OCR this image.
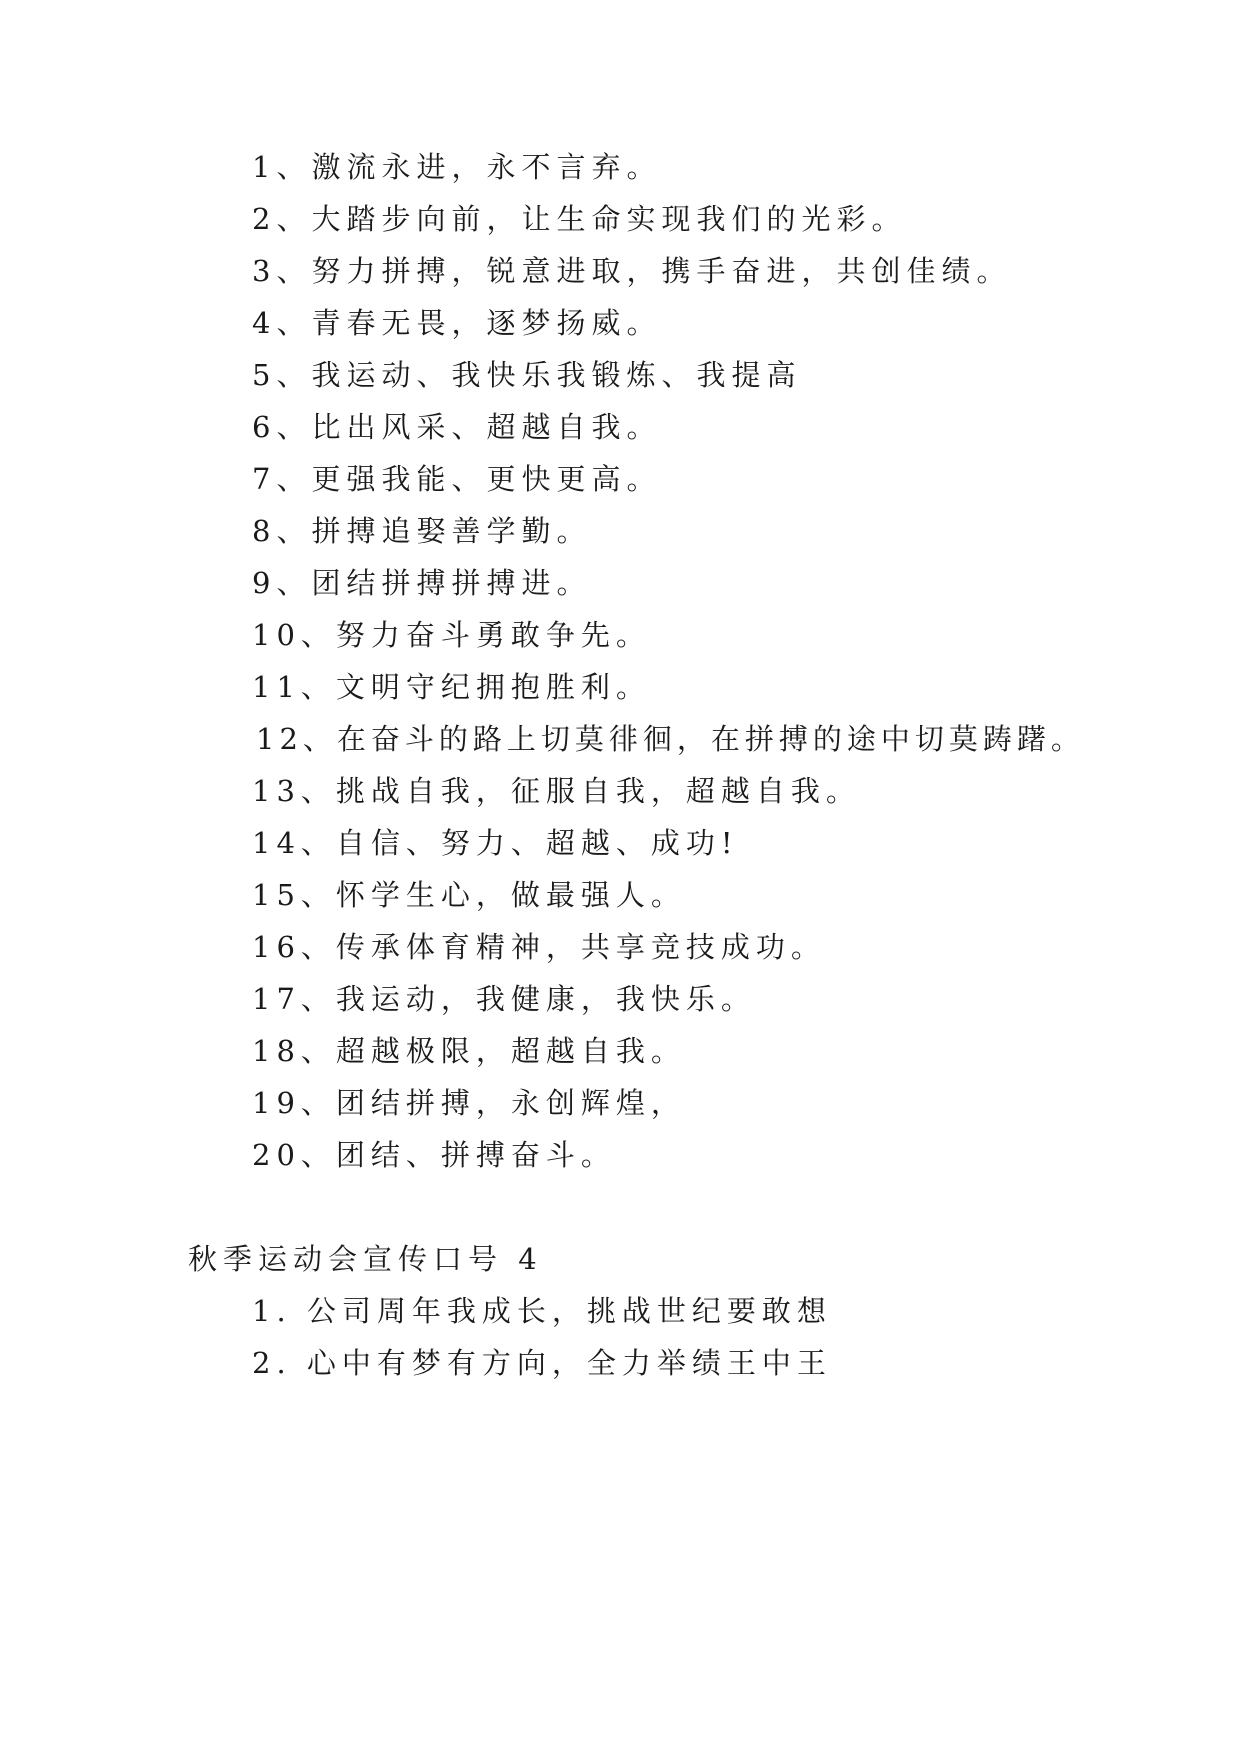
1、激流永进，永不言弃。
2、大踏步向前，让生命实现我们的光彩。
3、努力拼搏，锐意进取，携手奋进，共创佳绩。
4、青春无畏，逐梦扬威。
5、我运动、我快乐我锻炼、我提高
6、比出风采、超越自我。
7、更强我能、更快更高。
8、拼搏追娶善学勤。
9、团结拼搏拼搏进。
10、努力奋斗勇敢争先。
11、文明守纪拥抱胜利。
12、在奋斗的路上切莫徘徊，在拼搏的途中切莫踌躇。
13、挑战自我，征服自我，超越自我。
14、自信、努力、超越、成功!
15、怀学生心，做最强人。
16、传承体育精神，共享竞技成功。
17、我运动，我健康，我快乐。
18、超越极限，超越自我。
19、团结拼搏，永创辉煌，
20、团结、拼搏奋斗。
秋季运动会宣传口号 4
1. 公司周年我成长，挑战世纪要敢想
2. 心中有梦有方向，全力举绩王中王
